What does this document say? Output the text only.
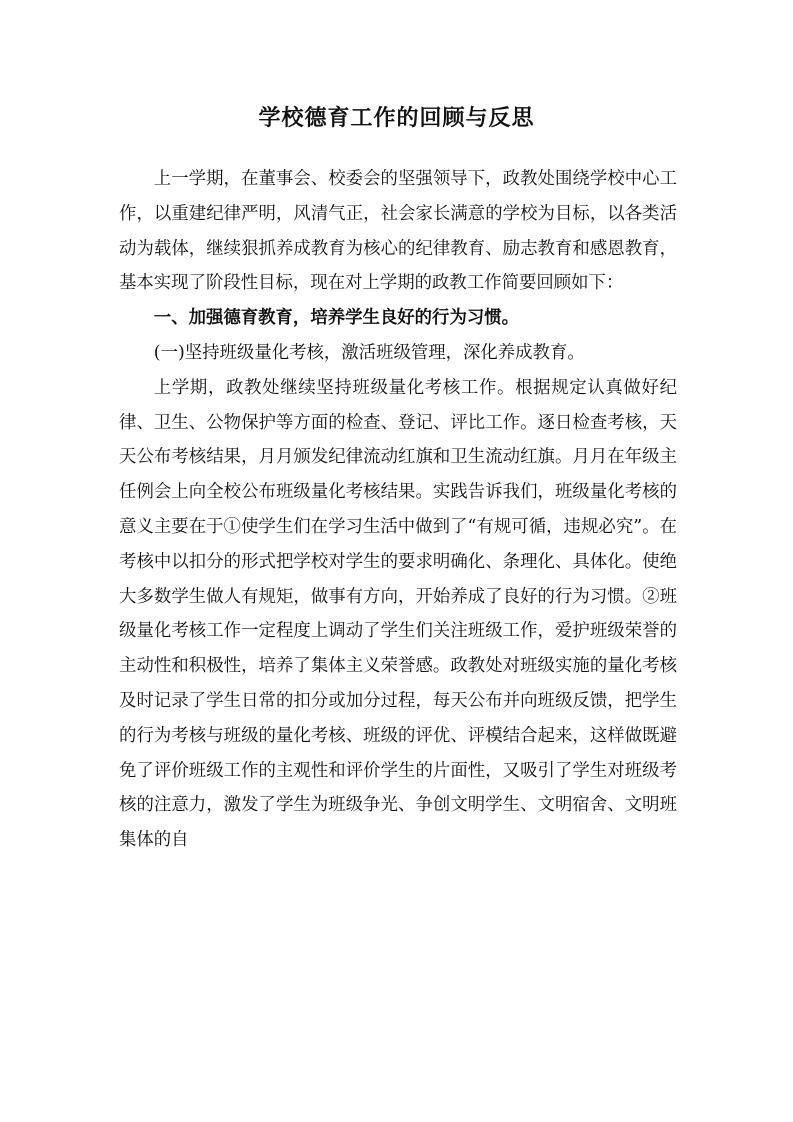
学校德育工作的回顾与反思

上一学期，在董事会、校委会的坚强领导下，政教处围绕学校中心工作，以重建纪律严明，风清气正，社会家长满意的学校为目标，以各类活动为载体，继续狠抓养成教育为核心的纪律教育、励志教育和感恩教育，基本实现了阶段性目标，现在对上学期的政教工作简要回顾如下：

一、加强德育教育，培养学生良好的行为习惯。

(一)坚持班级量化考核，激活班级管理，深化养成教育。

上学期，政教处继续坚持班级量化考核工作。根据规定认真做好纪律、卫生、公物保护等方面的检查、登记、评比工作。逐日检查考核，天天公布考核结果，月月颁发纪律流动红旗和卫生流动红旗。月月在年级主任例会上向全校公布班级量化考核结果。实践告诉我们，班级量化考核的意义主要在于①使学生们在学习生活中做到了“有规可循，违规必究”。在考核中以扣分的形式把学校对学生的要求明确化、条理化、具体化。使绝大多数学生做人有规矩，做事有方向，开始养成了良好的行为习惯。②班级量化考核工作一定程度上调动了学生们关注班级工作，爱护班级荣誉的主动性和积极性，培养了集体主义荣誉感。政教处对班级实施的量化考核及时记录了学生日常的扣分或加分过程，每天公布并向班级反馈，把学生的行为考核与班级的量化考核、班级的评优、评模结合起来，这样做既避免了评价班级工作的主观性和评价学生的片面性，又吸引了学生对班级考核的注意力，激发了学生为班级争光、争创文明学生、文明宿舍、文明班集体的自
